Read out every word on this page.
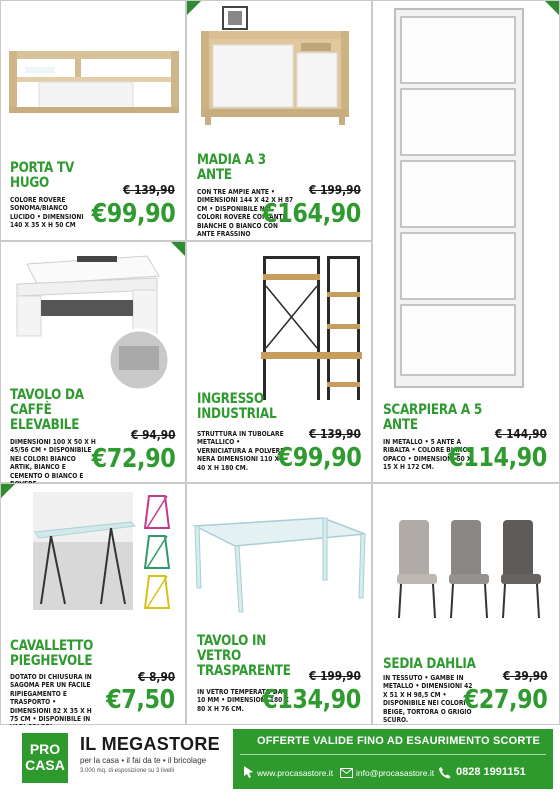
PORTA TV
HUGO
COLORE ROVERE SONOMA/BIANCO LUCIDO • DIMENSIONI 140 X 35 X H 50 CM
€ 139,90
€99,90
MADIA A 3
ANTE
CON TRE AMPIE ANTE • DIMENSIONI 144 X 42 X H 87 CM • DISPONIBILE NEI COLORI ROVERE CON ANTE BIANCHE O BIANCO CON ANTE FRASSINO
€ 199,90
€164,90
SCARPIERA A 5
ANTE
IN METALLO • 5 ANTE A RIBALTA • COLORE BIANCO OPACO • DIMENSIONI 50 X 15 X H 172 CM.
€ 144,90
€114,90
TAVOLO DA
CAFFÈ
ELEVABILE
DIMENSIONI 100 X 50 X H 45/56 CM • DISPONIBILE NEI COLORI BIANCO ARTIK, BIANCO E CEMENTO O BIANCO E
€ 94,90
€72,90
INGRESSO
INDUSTRIAL
STRUTTURA IN TUBOLARE METALLICO • VERNICIATURA A POLVERE NERA DIMENSIONI 110 X 40 X H 180 CM.
€ 139,90
€99,90
CAVALLETTO
PIEGHEVOLE
DOTATO DI CHIUSURA IN SAGOMA PER UN FACILE RIPIEGAMENTO E TRASPORTO • DIMENSIONI 82 X 35 X H 75 CM • DISPONIBILE IN
€ 8,90
€7,50
TAVOLO IN
VETRO
TRASPARENTE
IN VETRO TEMPERATO DA 10 MM • DIMENSIONI 180 X 80 X H 76 CM.
€ 199,90
€134,90
SEDIA DAHLIA
IN TESSUTO • GAMBE IN METALLO • DIMENSIONI 42 X 51 X H 98,5 CM • DISPONIBILE NEI COLORI BEIGE, TORTORA O GRIGIO SCURO.
€ 39,90
€27,90
PRO
CASA
IL MEGASTORE
per la casa • il fai da te • il bricolage
3.000 mq. di esposizione su 3 livelli
OFFERTE VALIDE FINO AD ESAURIMENTO SCORTE
www.procasastore.it	info@procasastore.it 0828 1991151
